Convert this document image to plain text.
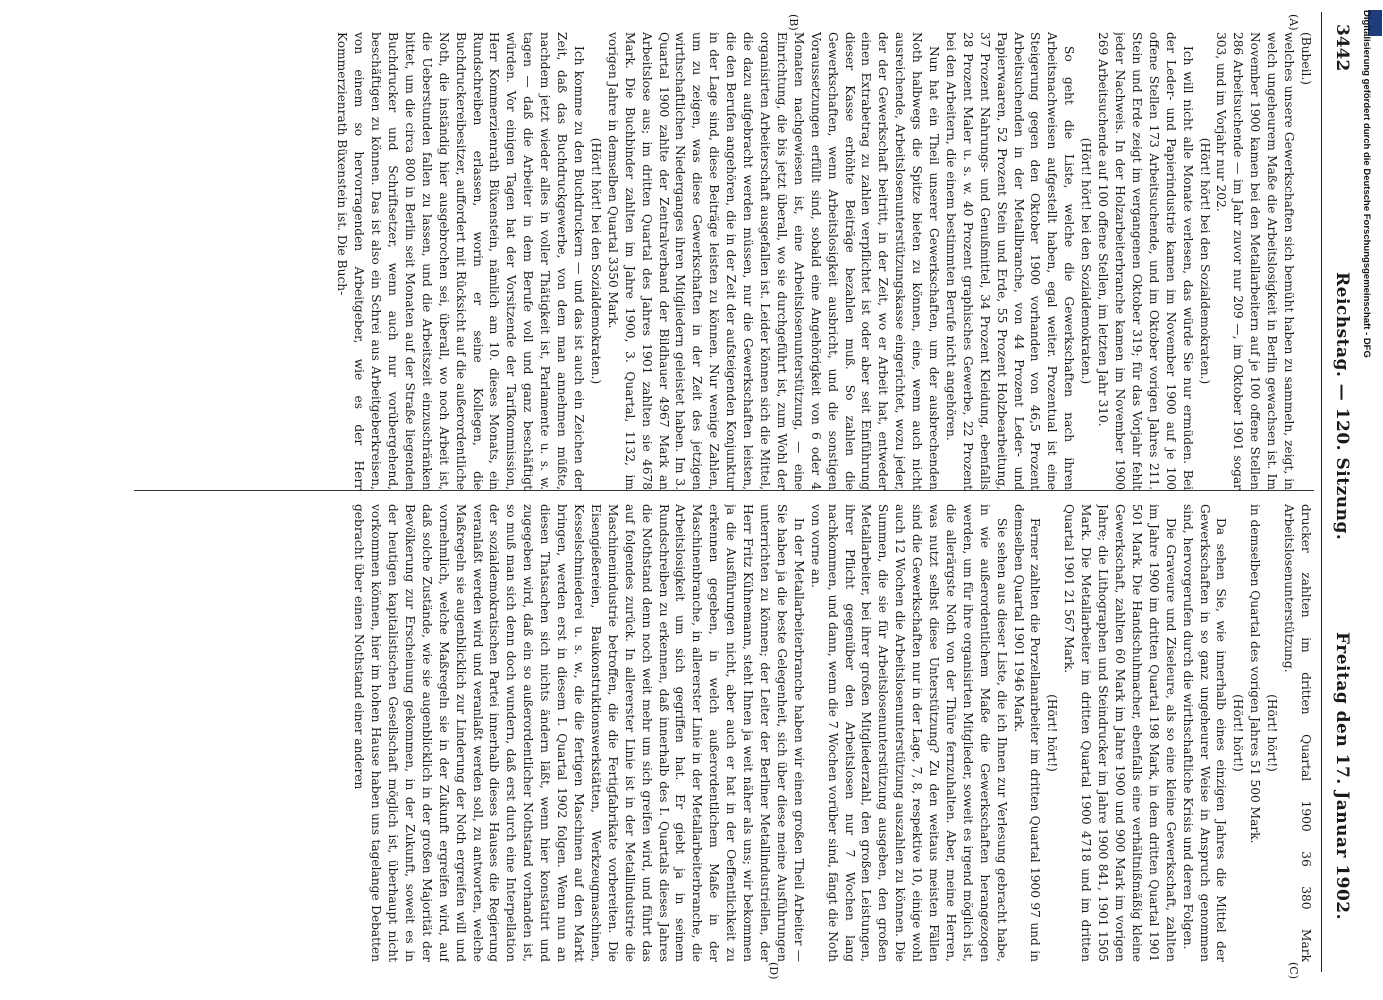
3442
Reichstag. — 120. Sitzung.
Freitag den 17. Januar 1902.
(A)
(B)
(C)
(D)

(Bubeil.)

welches unsere Gewerkschaften sich bemüht haben zu sammeln, zeigt, in welch ungeheurem Maße die Arbeitslosigkeit in Berlin gewachsen ist. Im November 1900 kamen bei den Metallarbeitern auf je 100 offene Stellen 286 Arbeitsuchende — im Jahr zuvor nur 209 —, im Oktober 1901 sogar 303, und im Vorjahr nur 202.

(Hört! hört! bei den Sozialdemokraten.)

Ich will nicht alle Monate verlesen, das würde Sie nur ermüden. Bei der Leder- und Papierindustrie kamen im November 1900 auf je 100 offene Stellen 173 Arbeitsuchende, und im Oktober vorigen Jahres 211. Stein und Erde zeigt im vergangenen Oktober 319; für das Vorjahr fehlt jeder Nachweis. In der Holzarbeiterbranche kamen im November 1900 269 Arbeitsuchende auf 100 offene Stellen, im letzten Jahr 310.

(Hört! hört! bei den Sozialdemokraten.)

So geht die Liste, welche die Gewerkschaften nach ihren Arbeitsnachweisen aufgestellt haben, egal weiter. Prozentual ist eine Steigerung gegen den Oktober 1900 vorhanden von 46,5 Prozent Arbeitsuchenden in der Metallbranche, von 44 Prozent Leder- und Papierwaaren, 52 Prozent Stein und Erde, 55 Prozent Holzbearbeitung, 37 Prozent Nahrungs- und Genußmittel, 34 Prozent Kleidung, ebenfalls 28 Prozent Maler u. s. w. 40 Prozent graphisches Gewerbe, 22 Prozent bei den Arbeitern, die einem bestimmten Berufe nicht angehören.

Nun hat ein Theil unserer Gewerkschaften, um der ausbrechenden Noth halbwegs die Spitze bieten zu können, eine, wenn auch nicht ausreichende, Arbeitslosenunterstützungskasse eingerichtet, wozu jeder, der der Gewerkschaft beitritt, in der Zeit, wo er Arbeit hat, entweder einen Extrabetrag zu zahlen verpflichtet ist oder aber seit Einführung dieser Kasse erhöhte Beiträge bezahlen muß. So zahlen die Gewerkschaften, wenn Arbeitslosigkeit ausbricht, und die sonstigen Voraussetzungen erfüllt sind, sobald eine Angehörigkeit von 6 oder 4 Monaten nachgewiesen ist, eine Arbeitslosenunterstützung, — eine Einrichtung, die bis jetzt überall, wo sie durchgeführt ist, zum Wohl der organisirten Arbeiterschaft ausgefallen ist. Leider können sich die Mittel, die dazu aufgebracht werden müssen, nur die Gewerkschaften leisten, die den Berufen angehören, die in der Zeit der aufsteigenden Konjunktur in der Lage sind, diese Beiträge leisten zu können. Nur wenige Zahlen, um zu zeigen, was diese Gewerkschaften in der Zeit des jetzigen wirthschaftlichen Niederganges ihren Mitgliedern geleistet haben. Im 3. Quartal 1900 zahlte der Zentralverband der Bildhauer 4967 Mark an Arbeitslose aus; im dritten Quartal des Jahres 1901 zahlten sie 4678 Mark. Die Buchbinder zahlten im Jahre 1900, 3. Quartal, 1132, im vorigen Jahre in demselben Quartal 3350 Mark.

(Hört! hört! bei den Sozialdemokraten.)

Ich komme zu den Buchdruckern — und das ist auch ein Zeichen der Zeit, daß das Buchdruckgewerbe, von dem man annehmen müßte, nachdem jetzt wieder alles in voller Thätigkeit ist, Parlamente u. s. w. tagen — daß die Arbeiter in dem Berufe voll und ganz beschäftigt würden. Vor einigen Tagen hat der Vorsitzende der Tarifkommission, Herr Kommerzienrath Büxenstein, nämlich am 10. dieses Monats, ein Rundschreiben erlassen, worin er seine Kollegen, die Buchdruckereibesitzer, auffordert mit Rücksicht auf die außerordentliche Noth, die inständig hier ausgebrochen sei, überall, wo noch Arbeit ist, die Ueberstunden fallen zu lassen, und die Arbeitszeit einzuschränken bittet, um die circa 800 in Berlin seit Monaten auf der Straße liegenden Buchdrucker und Schriftsetzer, wenn auch nur vorübergehend, beschäftigen zu können. Das ist also ein Schrei aus Arbeitgeberkreisen, von einem so hervorragenden Arbeitgeber, wie es der Herr Kommerzienrath Büxenstein ist. Die Buch-

drucker zahlten im dritten Quartal 1900 36 380 Mark Arbeitslosenunterstützung.

(Hört! hört!)

in demselben Quartal des vorigen Jahres 51 500 Mark.

(Hört! hört!)

Da sehen Sie, wie innerhalb eines einzigen Jahres die Mittel der Gewerkschaften in so ganz ungeheurer Weise in Anspruch genommen sind, hervorgerufen durch die wirthschaftliche Krisis und deren Folgen.

Die Graveure und Ziseleure, als so eine kleine Gewerkschaft, zahlten im Jahre 1900 im dritten Quartal 198 Mark, in dem dritten Quartal 1901 501 Mark. Die Handschuhmacher, ebenfalls eine verhältnißmäßig kleine Gewerkschaft, zahlten 60 Mark im Jahre 1900 und 900 Mark im vorigen Jahre; die Lithographen und Steindrucker im Jahre 1900 841, 1901 1505 Mark. Die Metallarbeiter im dritten Quartal 1900 4718 und im dritten Quartal 1901 21 567 Mark.

(Hört! hört!)

Ferner zahlten die Porzellanarbeiter im dritten Quartal 1900 97 und in demselben Quartal 1901 1946 Mark.

Sie sehen aus dieser Liste, die ich Ihnen zur Verlesung gebracht habe, in wie außerordentlichem Maße die Gewerkschaften herangezogen werden, um für ihre organisirten Mitglieder, soweit es irgend möglich ist, die allerärgste Noth von der Thüre fernzuhalten. Aber, meine Herren, was nutzt selbst diese Unterstützung? Zu den weitaus meisten Fällen sind die Gewerkschaften nur in der Lage, 7, 8, respektive 10, einige wohl auch 12 Wochen die Arbeitslosenunterstützung auszahlen zu können. Die Summen, die sie für Arbeitslosenunterstützung ausgeben, den großen Metallarbeiter, bei ihrer großen Mitgliederzahl, den großen Leistungen, ihrer Pflicht gegenüber den Arbeitslosen nur 7 Wochen lang nachkommen, und dann, wenn die 7 Wochen vorüber sind, fängt die Noth von vorne an.

In der Metallarbeiterbranche haben wir einen großen Theil Arbeiter — Sie haben ja die beste Gelegenheit, sich über diese meine Ausführungen unterrichten zu können; der Leiter der Berliner Metallindustriellen, der Herr Fritz Kühnemann, steht Ihnen ja weit näher als uns; wir bekommen ja die Ausführungen nicht, aber auch er hat in der Oeffentlichkeit zu erkennen gegeben, in welch außerordentlichem Maße in der Maschinenbranche, in allererster Linie in der Metallarbeiterbranche, die Arbeitslosigkeit um sich gegriffen hat. Er giebt ja in seinem Rundschreiben zu erkennen, daß innerhalb des I. Quartals dieses Jahres die Nothstand denn noch weit mehr um sich greifen wird, und führt das auf folgendes zurück. In allererster Linie ist in der Metallindustrie die Maschinenindustrie betroffen, die die Fertigfabrikate vorbereiten. Die Eisengießereien, Baukonstruktionswerkstätten, Werkzeugmaschinen, Kesselschmiederei u. s. w., die die fertigen Maschinen auf den Markt bringen, werden erst in diesem I. Quartal 1902 folgen. Wenn nun an diesen Thatsachen sich nichts ändern läßt, wenn hier konstatirt und zugegeben wird, daß ein so außerordentlicher Nothstand vorhanden ist, so muß man sich denn doch wundern, daß erst durch eine Interpellation der sozialdemokratischen Partei innerhalb dieses Hauses die Regierung veranlaßt werden wird und veranlaßt werden soll, zu antworten, welche Maßregeln sie augenblicklich zur Linderung der Noth ergreifen will und vornehmlich, welche Maßregeln sie in der Zukunft ergreifen wird, auf daß solche Zustände, wie sie augenblicklich in der großen Majorität der Bevölkerung zur Erscheinung gekommen, in der Zukunft, soweit es in der heutigen kapitalistischen Gesellschaft möglich ist, überhaupt nicht vorkommen können, hier im hohen Hause haben uns tagelange Debatten gebracht über einen Nothstand einer anderen

Digitalisierung gefördert durch die Deutsche Forschungsgemeinschaft - DFG
